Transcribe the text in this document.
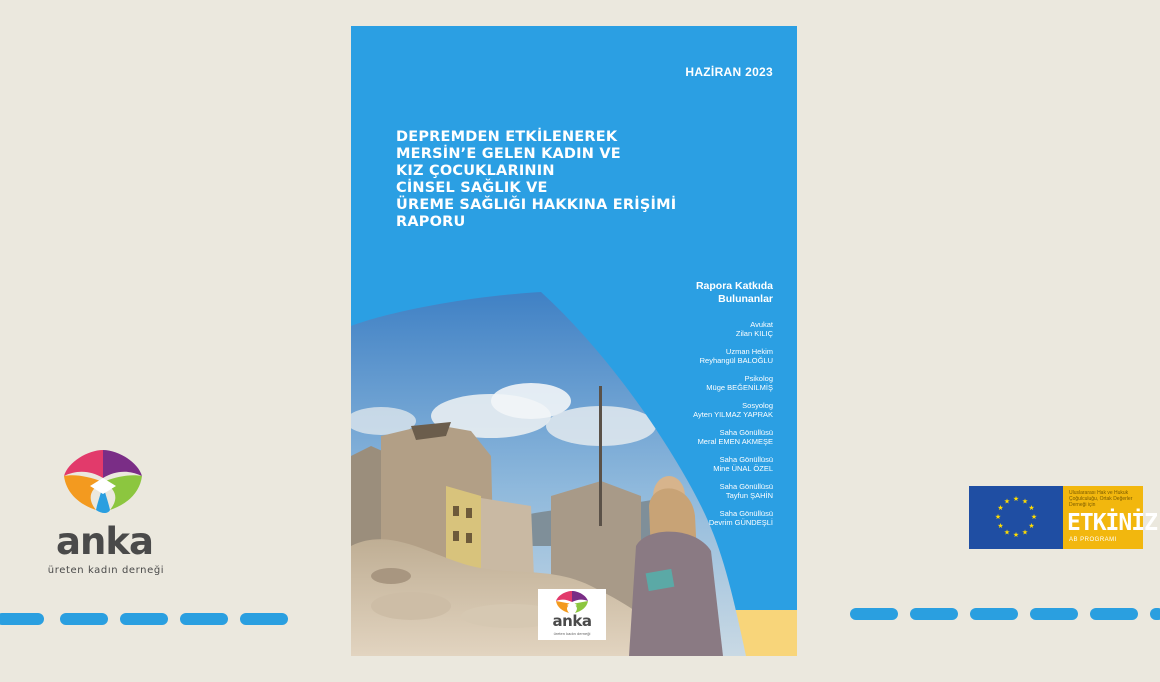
anka
üreten kadın derneği
HAZİRAN 2023
DEPREMDEN ETKİLENEREK
MERSİN’E GELEN KADIN VE
KIZ ÇOCUKLARININ
CİNSEL SAĞLIK VE
ÜREME SAĞLIĞI HAKKINA ERİŞİMİ
RAPORU
Rapora Katkıda
Bulunanlar
Avukat
Zilan KILIÇ
Uzman Hekim
Reyhangül BALOĞLU
Psikolog
Müge BEĞENİLMİŞ
Sosyolog
Ayten YILMAZ YAPRAK
Saha Gönüllüsü
Meral EMEN AKMEŞE
Saha Gönüllüsü
Mine ÜNAL ÖZEL
Saha Gönüllüsü
Tayfun ŞAHİN
Saha Gönüllüsü
Devrim GÜNDEŞLİ
anka
üreten kadın derneği
★ ★
★
★
★
★
★
★
★
★
★
★
Uluslararası Hak ve Hukuk Çoğulculuğu, Ortak Değerler Derneği için
ETKİNİZ
AB PROGRAMI
